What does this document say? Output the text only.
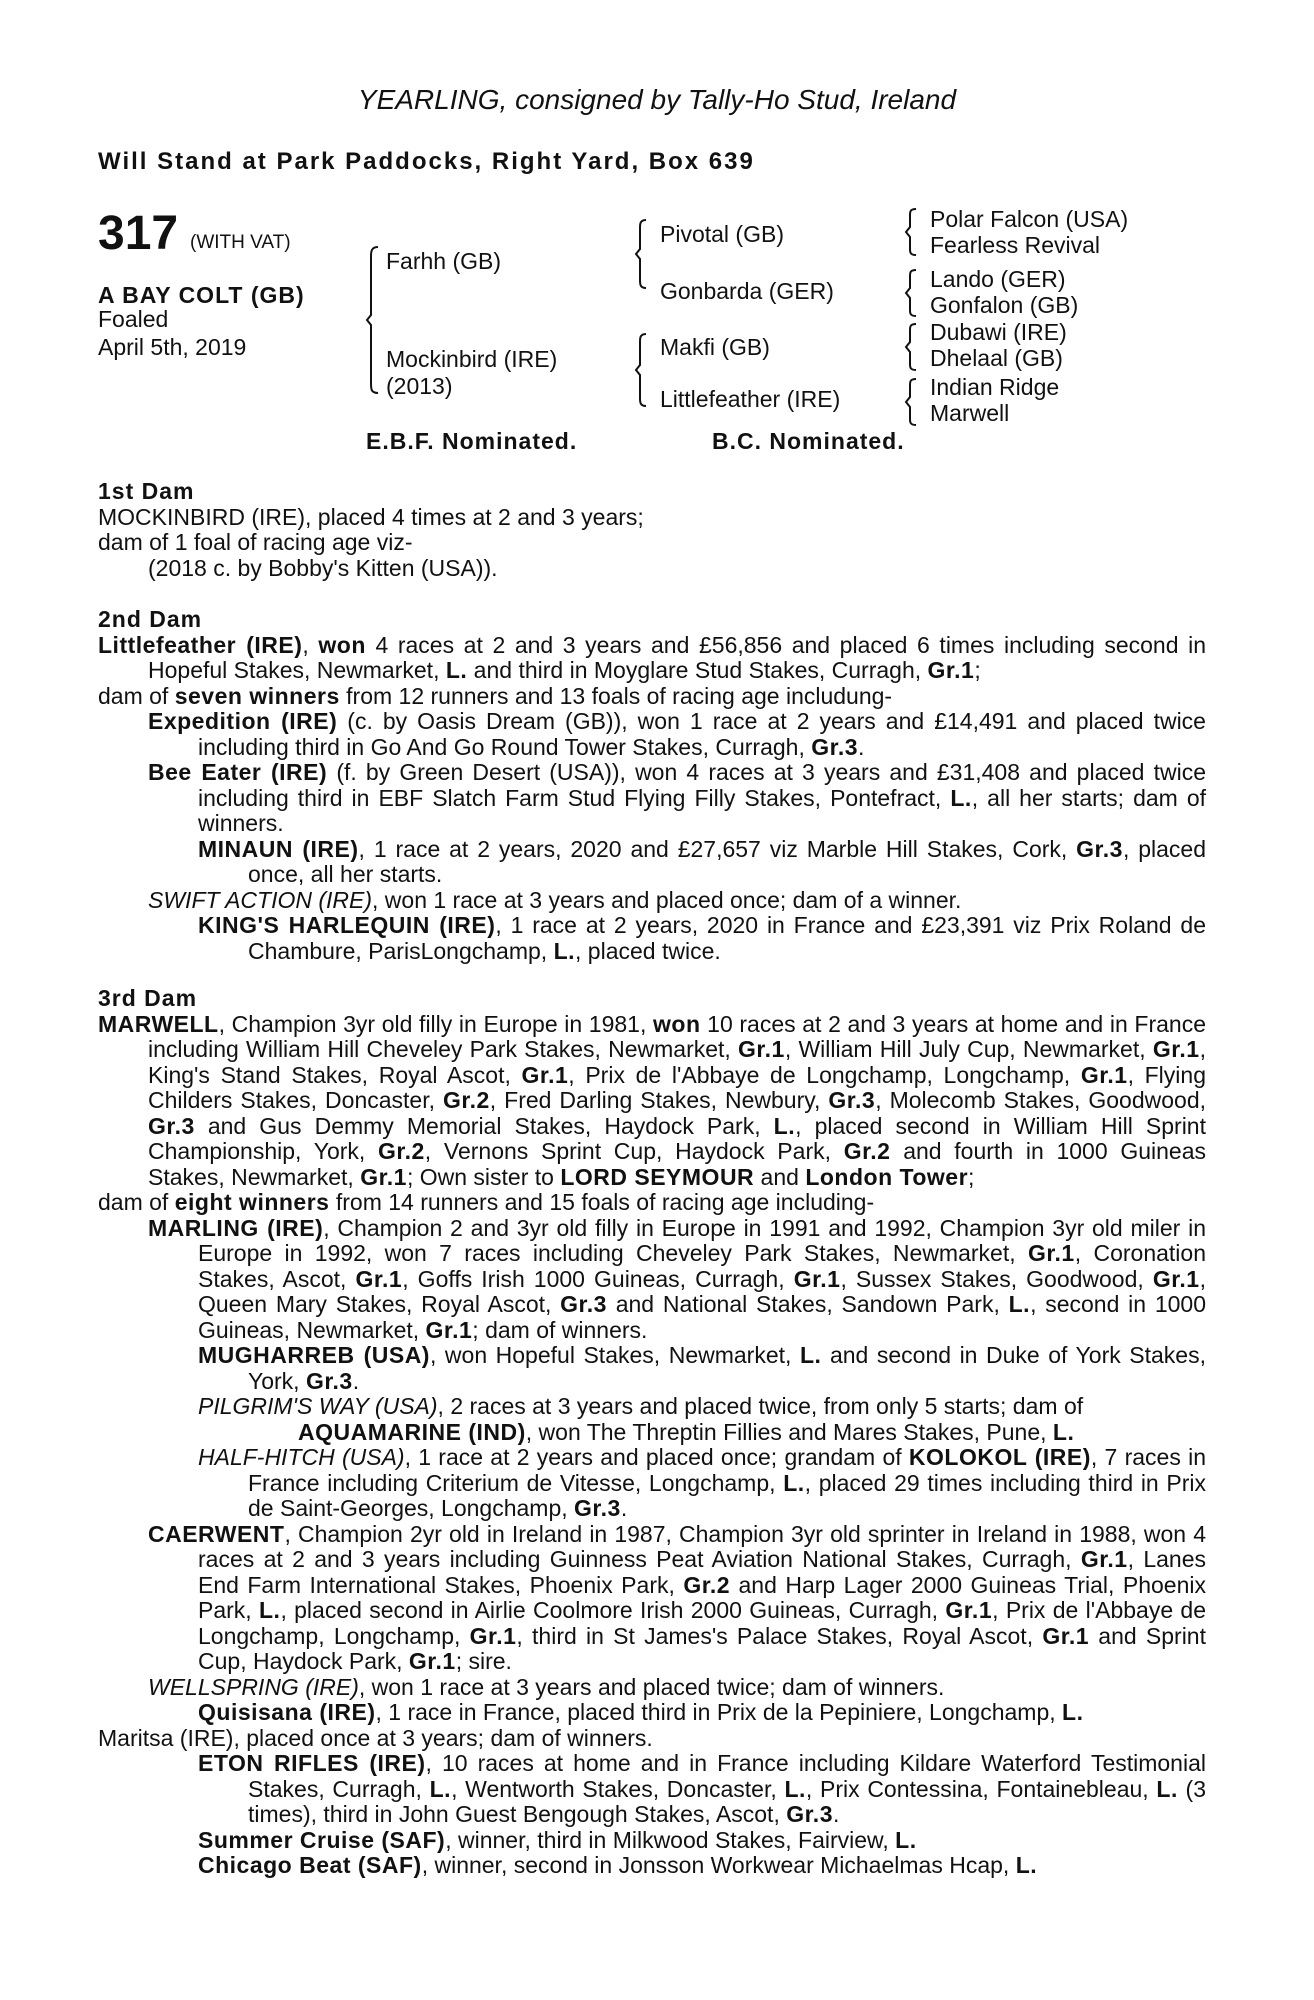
YEARLING, consigned by Tally-Ho Stud, Ireland
Will Stand at Park Paddocks, Right Yard, Box 639
317 (WITH VAT)
A BAY COLT (GB)
Foaled
April 5th, 2019
Farhh (GB)
Mockinbird (IRE)
(2013)
Pivotal (GB)
Gonbarda (GER)
Makfi (GB)
Littlefeather (IRE)
Polar Falcon (USA)
Fearless Revival
Lando (GER)
Gonfalon (GB)
Dubawi (IRE)
Dhelaal (GB)
Indian Ridge
Marwell
E.B.F. Nominated.	B.C. Nominated.
1st Dam
MOCKINBIRD (IRE), placed 4 times at 2 and 3 years;
dam of 1 foal of racing age viz-
(2018 c. by Bobby's Kitten (USA)).
2nd Dam
Littlefeather (IRE), won 4 races at 2 and 3 years and £56,856 and placed 6 times including second in Hopeful Stakes, Newmarket, L. and third in Moyglare Stud Stakes, Curragh, Gr.1;
dam of seven winners from 12 runners and 13 foals of racing age includung-
Expedition (IRE) (c. by Oasis Dream (GB)), won 1 race at 2 years and £14,491 and placed twice including third in Go And Go Round Tower Stakes, Curragh, Gr.3.
Bee Eater (IRE) (f. by Green Desert (USA)), won 4 races at 3 years and £31,408 and placed twice including third in EBF Slatch Farm Stud Flying Filly Stakes, Pontefract, L., all her starts; dam of winners.
MINAUN (IRE), 1 race at 2 years, 2020 and £27,657 viz Marble Hill Stakes, Cork, Gr.3, placed once, all her starts.
SWIFT ACTION (IRE), won 1 race at 3 years and placed once; dam of a winner.
KING'S HARLEQUIN (IRE), 1 race at 2 years, 2020 in France and £23,391 viz Prix Roland de Chambure, ParisLongchamp, L., placed twice.
3rd Dam
MARWELL, Champion 3yr old filly in Europe in 1981, won 10 races at 2 and 3 years at home and in France including William Hill Cheveley Park Stakes, Newmarket, Gr.1, William Hill July Cup, Newmarket, Gr.1, King's Stand Stakes, Royal Ascot, Gr.1, Prix de l'Abbaye de Longchamp, Longchamp, Gr.1, Flying Childers Stakes, Doncaster, Gr.2, Fred Darling Stakes, Newbury, Gr.3, Molecomb Stakes, Goodwood, Gr.3 and Gus Demmy Memorial Stakes, Haydock Park, L., placed second in William Hill Sprint Championship, York, Gr.2, Vernons Sprint Cup, Haydock Park, Gr.2 and fourth in 1000 Guineas Stakes, Newmarket, Gr.1; Own sister to LORD SEYMOUR and London Tower;
dam of eight winners from 14 runners and 15 foals of racing age including-
MARLING (IRE), Champion 2 and 3yr old filly in Europe in 1991 and 1992, Champion 3yr old miler in Europe in 1992, won 7 races including Cheveley Park Stakes, Newmarket, Gr.1, Coronation Stakes, Ascot, Gr.1, Goffs Irish 1000 Guineas, Curragh, Gr.1, Sussex Stakes, Goodwood, Gr.1, Queen Mary Stakes, Royal Ascot, Gr.3 and National Stakes, Sandown Park, L., second in 1000 Guineas, Newmarket, Gr.1; dam of winners.
MUGHARREB (USA), won Hopeful Stakes, Newmarket, L. and second in Duke of York Stakes, York, Gr.3.
PILGRIM'S WAY (USA), 2 races at 3 years and placed twice, from only 5 starts; dam of
AQUAMARINE (IND), won The Threptin Fillies and Mares Stakes, Pune, L.
HALF-HITCH (USA), 1 race at 2 years and placed once; grandam of KOLOKOL (IRE), 7 races in France including Criterium de Vitesse, Longchamp, L., placed 29 times including third in Prix de Saint-Georges, Longchamp, Gr.3.
CAERWENT, Champion 2yr old in Ireland in 1987, Champion 3yr old sprinter in Ireland in 1988, won 4 races at 2 and 3 years including Guinness Peat Aviation National Stakes, Curragh, Gr.1, Lanes End Farm International Stakes, Phoenix Park, Gr.2 and Harp Lager 2000 Guineas Trial, Phoenix Park, L., placed second in Airlie Coolmore Irish 2000 Guineas, Curragh, Gr.1, Prix de l'Abbaye de Longchamp, Longchamp, Gr.1, third in St James's Palace Stakes, Royal Ascot, Gr.1 and Sprint Cup, Haydock Park, Gr.1; sire.
WELLSPRING (IRE), won 1 race at 3 years and placed twice; dam of winners.
Quisisana (IRE), 1 race in France, placed third in Prix de la Pepiniere, Longchamp, L.
Maritsa (IRE), placed once at 3 years; dam of winners.
ETON RIFLES (IRE), 10 races at home and in France including Kildare Waterford Testimonial Stakes, Curragh, L., Wentworth Stakes, Doncaster, L., Prix Contessina, Fontainebleau, L. (3 times), third in John Guest Bengough Stakes, Ascot, Gr.3.
Summer Cruise (SAF), winner, third in Milkwood Stakes, Fairview, L.
Chicago Beat (SAF), winner, second in Jonsson Workwear Michaelmas Hcap, L.
